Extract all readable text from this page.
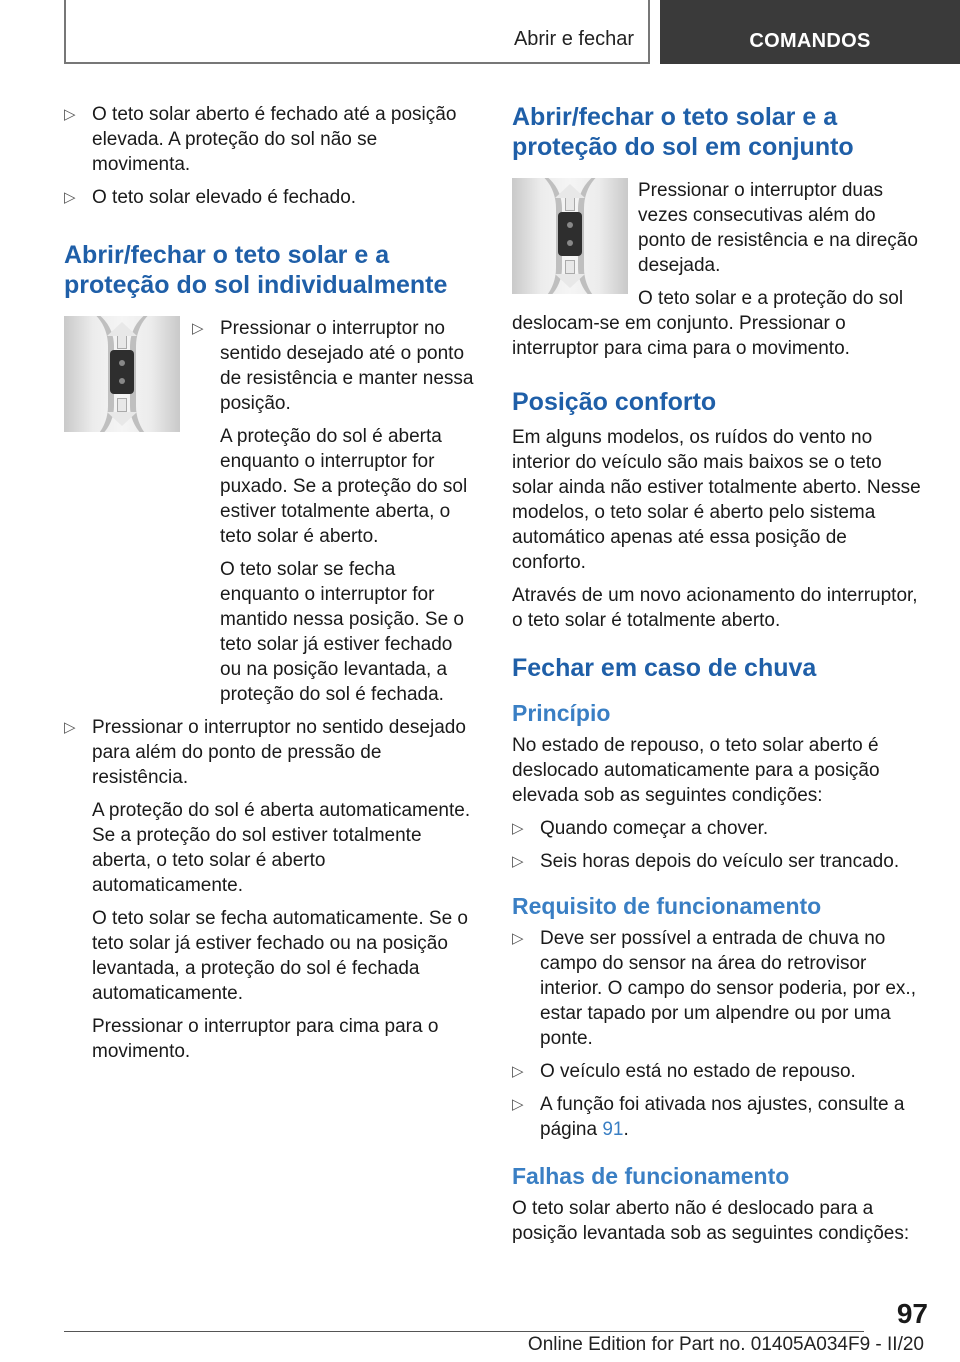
Abrir e fechar	COMANDOS
▷ O teto solar aberto é fechado até a posição elevada. A proteção do sol não se movimenta.

▷ O teto solar elevado é fechado.

Abrir/fechar o teto solar e a proteção do sol individualmente
▷ Pressionar o interruptor no sentido desejado até o ponto de resistência e manter nessa posição.

A proteção do sol é aberta enquanto o interruptor for puxado. Se a proteção do sol estiver totalmente aberta, o teto solar é aberto.

O teto solar se fecha enquanto o interruptor for mantido nessa posição. Se o teto solar já estiver fechado ou na posição levantada, a proteção do sol é fechada.

▷ Pressionar o interruptor no sentido desejado para além do ponto de pressão de resistência.

A proteção do sol é aberta automaticamente. Se a proteção do sol estiver totalmente aberta, o teto solar é aberto automaticamente.

O teto solar se fecha automaticamente. Se o teto solar já estiver fechado ou na posição levantada, a proteção do sol é fechada automaticamente.

Pressionar o interruptor para cima para o movimento.

Abrir/fechar o teto solar e a proteção do sol em conjunto

Pressionar o interruptor duas vezes consecutivas além do ponto de resistência e na direção desejada.

O teto solar e a proteção do sol deslocam-se em conjunto. Pressionar o interruptor para cima para o movimento.

Posição conforto

Em alguns modelos, os ruídos do vento no interior do veículo são mais baixos se o teto solar ainda não estiver totalmente aberto. Nesse modelos, o teto solar é aberto pelo sistema automático apenas até essa posição de conforto.

Através de um novo acionamento do interruptor, o teto solar é totalmente aberto.

Fechar em caso de chuva
Princípio

No estado de repouso, o teto solar aberto é deslocado automaticamente para a posição elevada sob as seguintes condições:

▷ Quando começar a chover.

▷ Seis horas depois do veículo ser trancado.

Requisito de funcionamento
▷ Deve ser possível a entrada de chuva no campo do sensor na área do retrovisor interior. O campo do sensor poderia, por ex., estar tapado por um alpendre ou por uma ponte.

▷ O veículo está no estado de repouso.

▷ A função foi ativada nos ajustes, consulte a página 91.

Falhas de funcionamento

O teto solar aberto não é deslocado para a posição levantada sob as seguintes condições:

97
Online Edition for Part no. 01405A034F9 - II/20
